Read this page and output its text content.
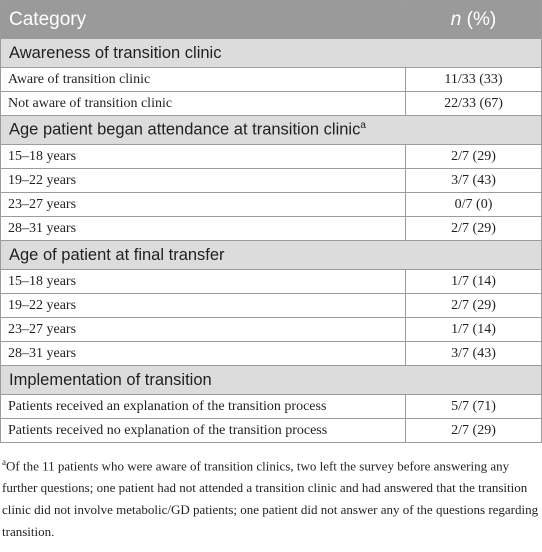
Category	n (%)
Awareness of transition clinic	
Aware of transition clinic	11/33 (33)
Not aware of transition clinic	22/33 (67)
Age patient began attendance at transition clinic$^a$
15–18 years	2/7 (29)
19–22 years	3/7 (43)
23–27 years	0/7 (0)
28–31 years	2/7 (29)
Age of patient at final transfer	
15–18 years	1/7 (14)
19–22 years	2/7 (29)
23–27 years	1/7 (14)
28–31 years	3/7 (43)
Implementation of transition	
Patients received an explanation of the transition process	5/7 (71)
Patients received no explanation of the transition process	2/7 (29)
$^a$Of the 11 patients who were aware of transition clinics, two left the survey before answering any further questions; one patient had not attended a transition clinic and had answered that the transition clinic did not involve metabolic/GD patients; one patient did not answer any of the questions regarding transition.
